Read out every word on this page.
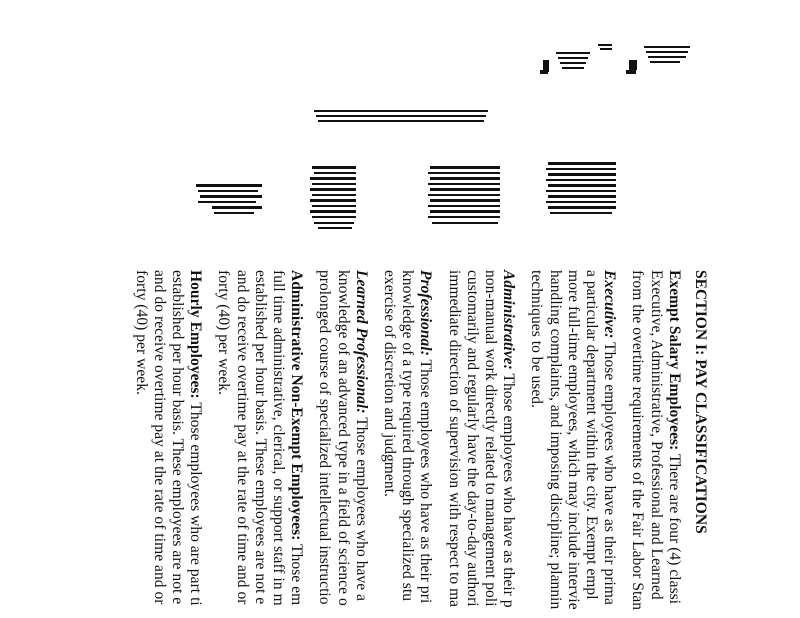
SECTION I: PAY CLASSIFICATIONS
Exempt Salary Employees: There are four (4) classi
Executive, Administrative, Professional and Learned
from the overtime requirements of the Fair Labor Stan
Executive: Those employees who have as their prima
a particular department within the city. Exempt empl
more full-time employees, which may include intervie
handling complaints, and imposing discipline; plannin
techniques to be used.
Administrative: Those employees who have as their p
non-manual work directly related to management poli
customarily and regularly have the day-to-day authori
immediate direction of supervision with respect to ma
Professional: Those employees who have as their pri
knowledge of a type required through specialized stu
exercise of discretion and judgment.
Learned Professional: Those employees who have a
knowledge of an advanced type in a field of science o
prolonged course of specialized intellectual instructio
Administrative Non-Exempt Employees: Those em
full time administrative, clerical, or support staff in m
established per hour basis. These employees are not e
and do receive overtime pay at the rate of time and or
forty (40) per week.
Hourly Employees: Those employees who are part ti
established per hour basis. These employees are not e
and do receive overtime pay at the rate of time and or
forty (40) per week.
